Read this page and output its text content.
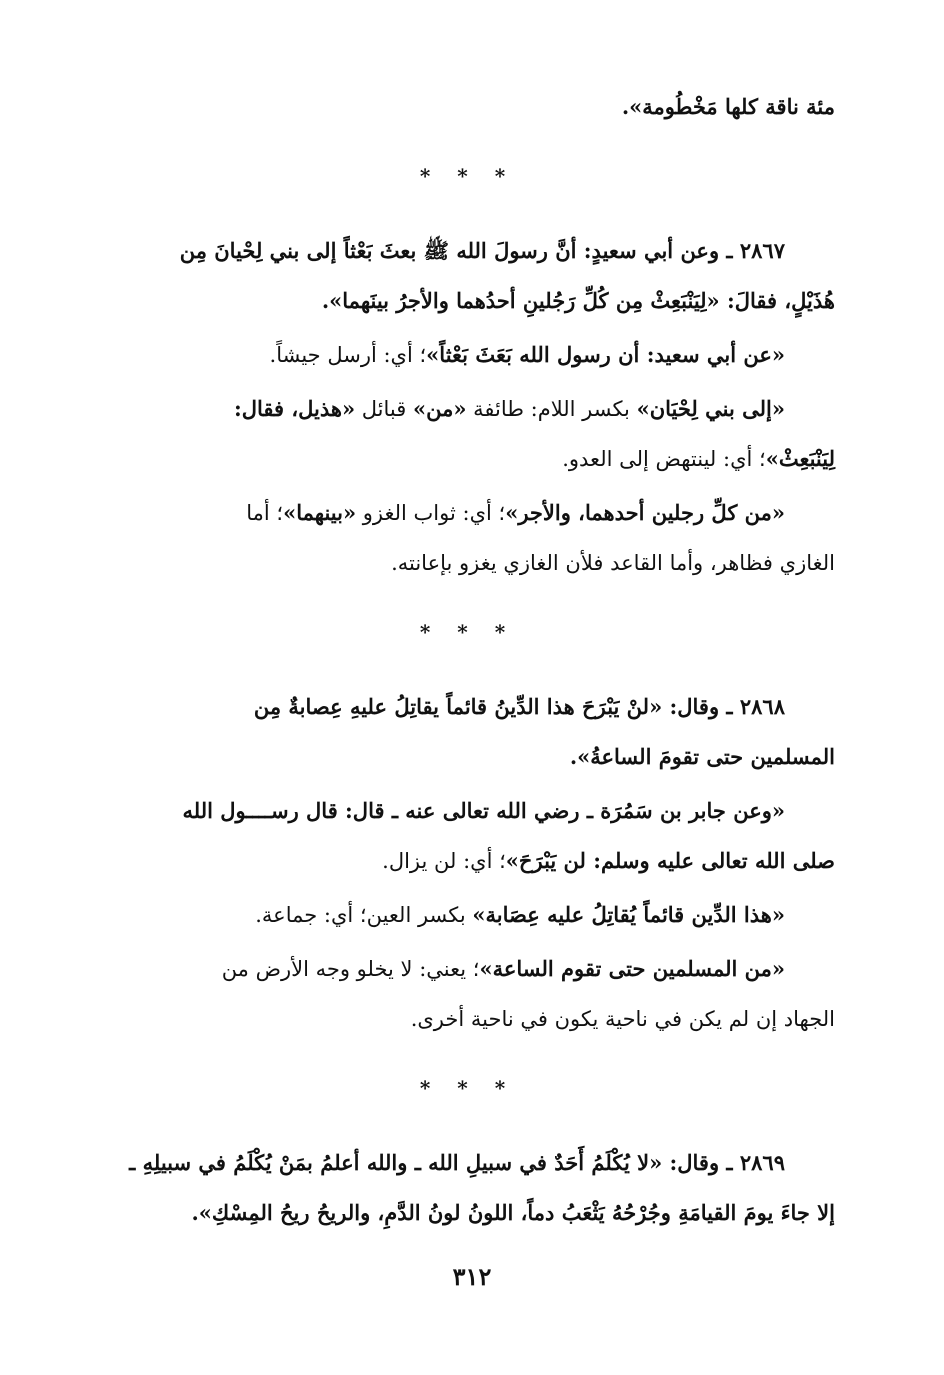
مئة ناقة كلها مَخْطُومة».

* * *

٢٨٦٧ ـ وعن أبي سعيدٍ: أنَّ رسولَ الله ﷺ بعثَ بَعْثاً إلى بني لِحْيانَ مِن

هُذَيْلٍ، فقالَ: «لِيَنْبَعِثْ مِن كُلِّ رَجُلينِ أحدُهما والأجرُ بينَهما».

«عن أبي سعيد: أن رسول الله بَعَثَ بَعْثاً»؛ أي: أرسل جيشاً.

«إلى بني لِحْيَان» بكسر اللام: طائفة «من» قبائل «هذيل، فقال:

لِيَنْبَعِثْ»؛ أي: لينتهض إلى العدو.

«من كلِّ رجلين أحدهما، والأجر»؛ أي: ثواب الغزو «بينهما»؛ أما

الغازي فظاهر، وأما القاعد فلأن الغازي يغزو بإعانته.

* * *

٢٨٦٨ ـ وقال: «لنْ يَبْرَحَ هذا الدِّينُ قائماً يقاتِلُ عليهِ عِصابةٌ مِن

المسلمين حتى تقومَ الساعةُ».

«وعن جابر بن سَمُرَة ـ رضي الله تعالى عنه ـ قال: قال رســــول الله

صلى الله تعالى عليه وسلم: لن يَبْرَحَ»؛ أي: لن يزال.

«هذا الدِّين قائماً يُقاتِلُ عليه عِصَابة» بكسر العين؛ أي: جماعة.

«من المسلمين حتى تقوم الساعة»؛ يعني: لا يخلو وجه الأرض من

الجهاد إن لم يكن في ناحية يكون في ناحية أخرى.

* * *

٢٨٦٩ ـ وقال: «لا يُكْلَمُ أَحَدٌ في سبيلِ الله ـ والله أعلمُ بمَنْ يُكْلَمُ في سبيلِهِ ـ

إلا جاءَ يومَ القيامَةِ وجُرْحُهُ يَثْعَبُ دماً، اللونُ لونُ الدَّمِ، والريحُ ريحُ المِسْكِ».

٣١٢
